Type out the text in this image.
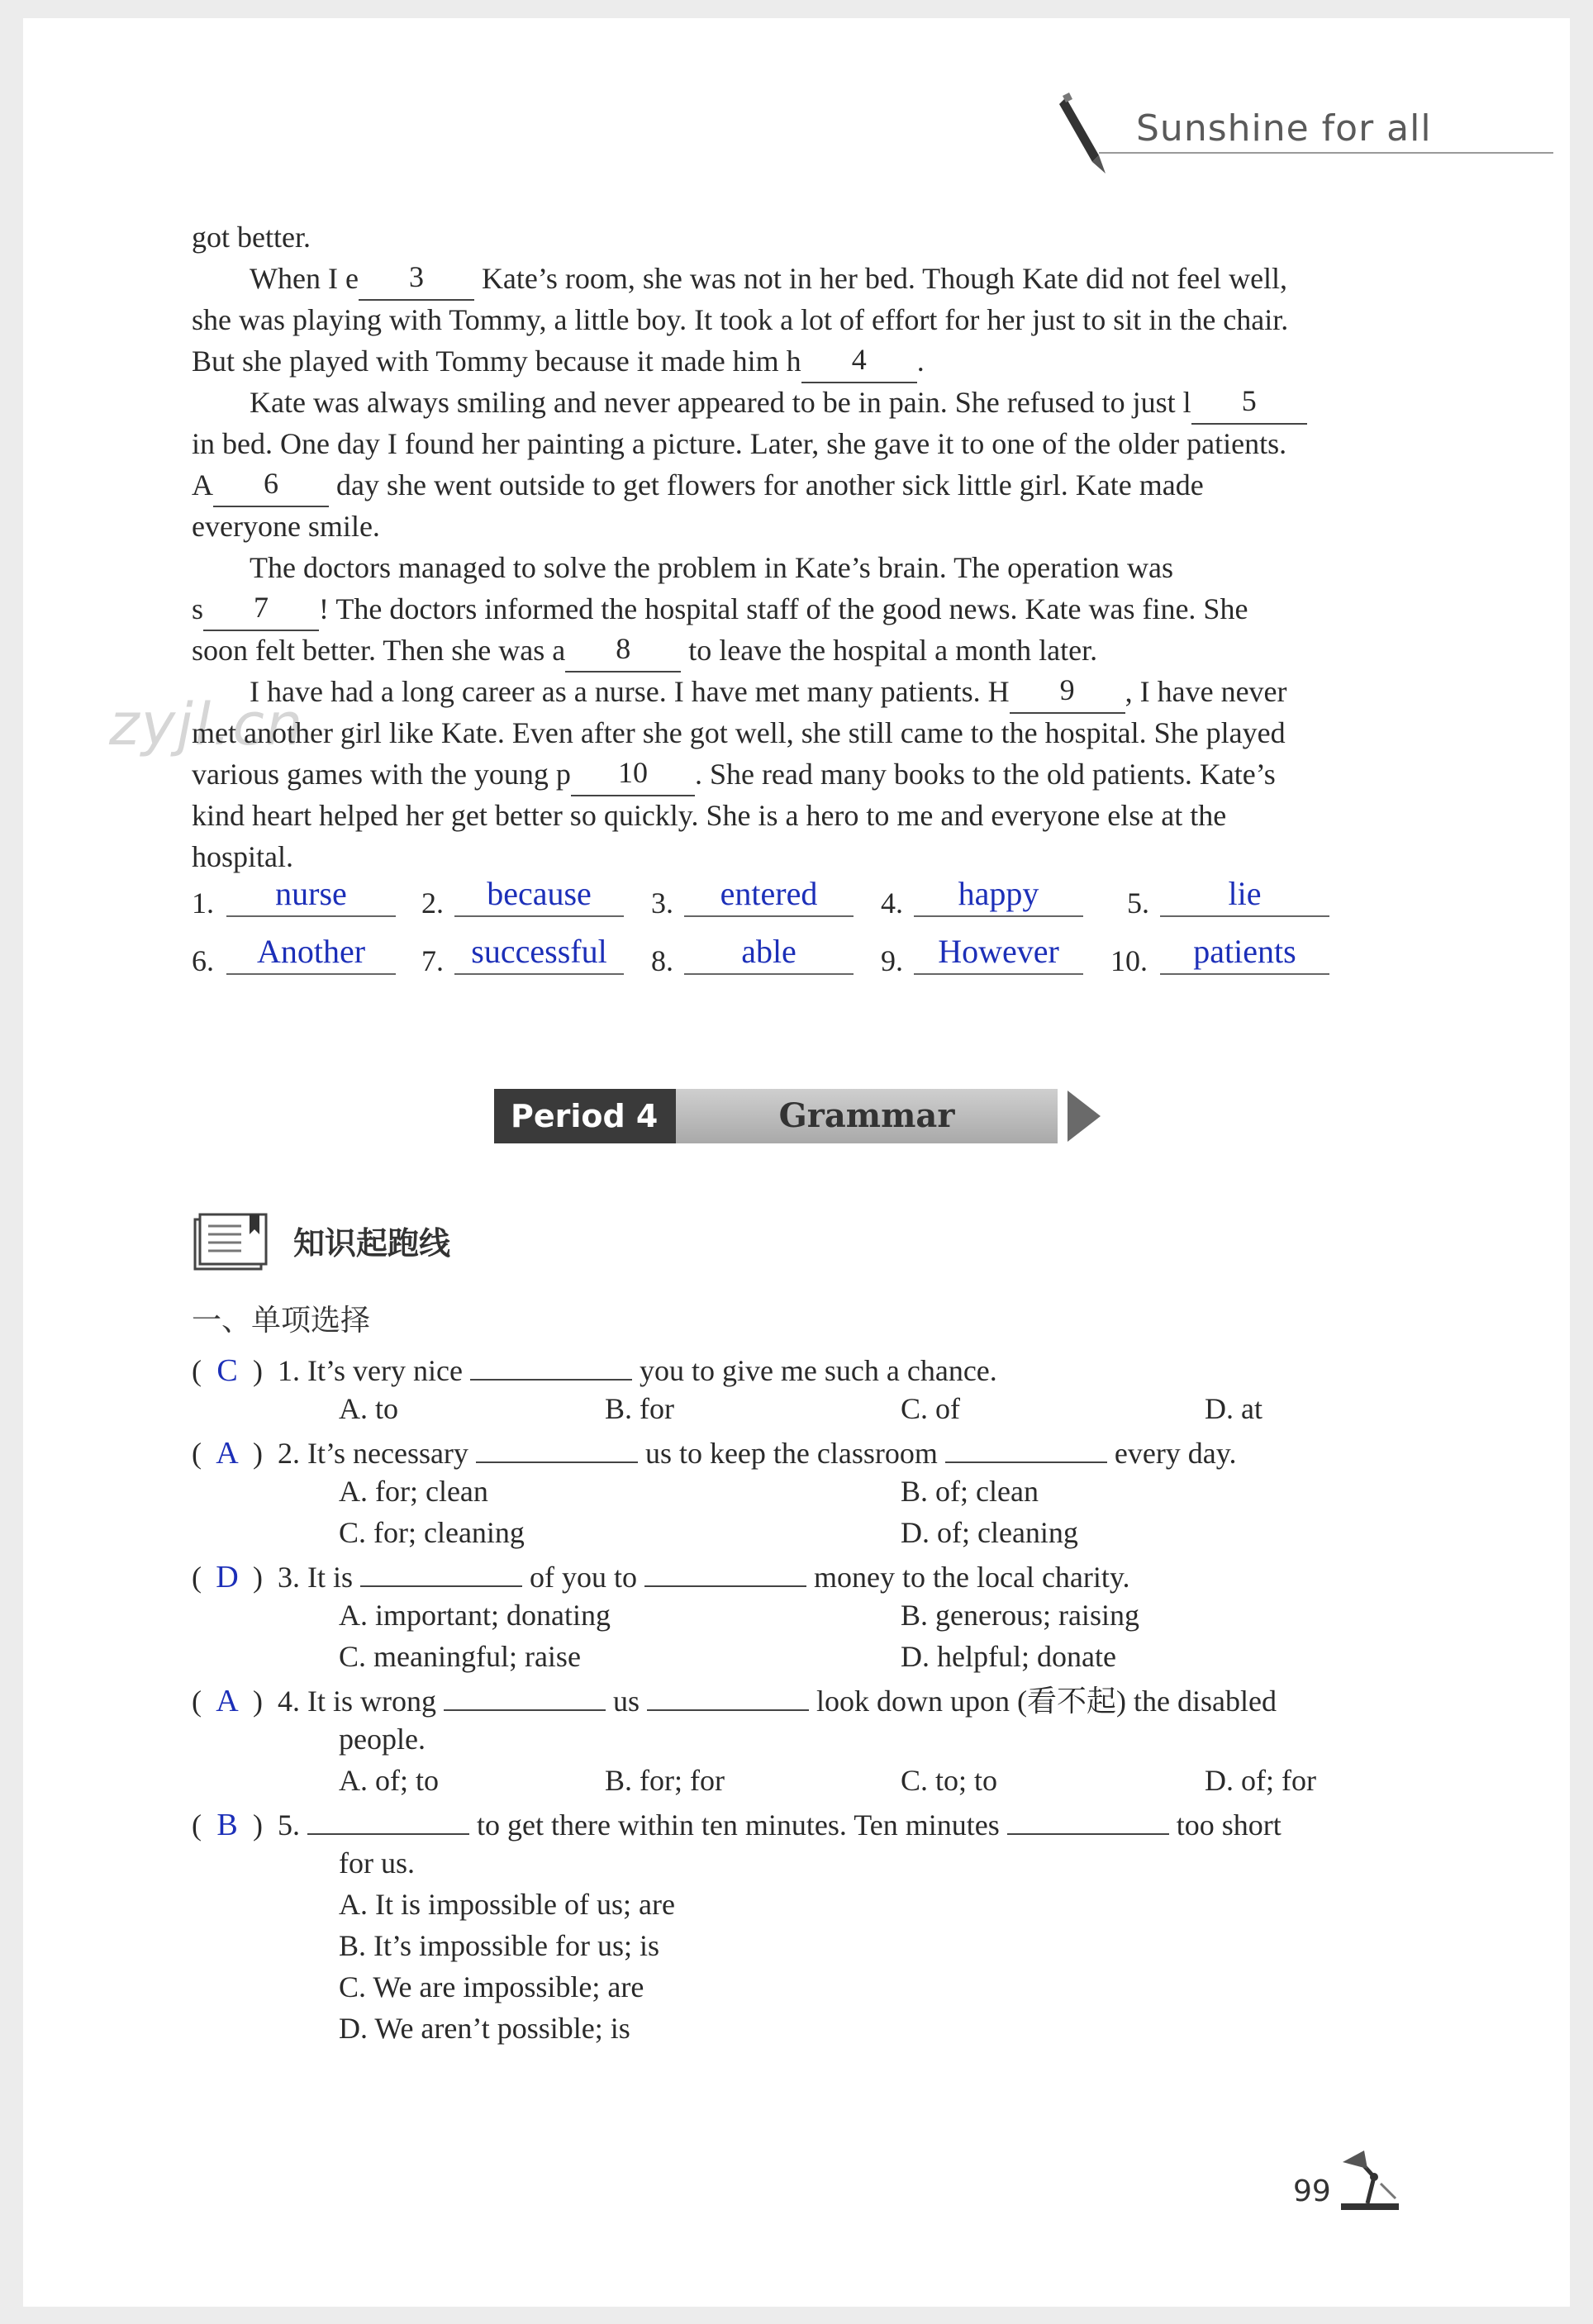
Sunshine for all
zyjl.cn
got better.
When I e 3 Kate’s room, she was not in her bed. Though Kate did not feel well,
she was playing with Tommy, a little boy. It took a lot of effort for her just to sit in the chair.
But she played with Tommy because it made him h 4 .
Kate was always smiling and never appeared to be in pain. She refused to just l 5
in bed. One day I found her painting a picture. Later, she gave it to one of the older patients.
A 6 day she went outside to get flowers for another sick little girl. Kate made
everyone smile.
The doctors managed to solve the problem in Kate’s brain. The operation was
s 7 ! The doctors informed the hospital staff of the good news. Kate was fine. She
soon felt better. Then she was a 8 to leave the hospital a month later.
I have had a long career as a nurse. I have met many patients. H 9 , I have never
met another girl like Kate. Even after she got well, she still came to the hospital. She played
various games with the young p 10 . She read many books to the old patients. Kate’s
kind heart helped her get better so quickly. She is a hero to me and everyone else at the
hospital.
1.	nurse	2.	because	3.	entered	4.	happy	5.	lie
6.	Another	7. successful	8.	able	9.	However	10.	patients
Period 4	Grammar
知识起跑线
一、单项选择
( C )  1. It’s very nice	you to give me such a chance.
A. to	B. for	C. of	D. at
( A )  2. It’s necessary	us to keep the classroom	every day.
A. for; clean	B. of; clean
C. for; cleaning	D. of; cleaning
( D )  3. It is	of you to	money to the local charity.
A. important; donating	B. generous; raising
C. meaningful; raise	D. helpful; donate
( A )  4. It is wrong	us	look down upon (看不起) the disabled
people.
A. of; to	B. for; for	C. to; to	D. of; for
( B )  5.	to get there within ten minutes. Ten minutes	too short
for us.
A. It is impossible of us; are
B. It’s impossible for us; is
C. We are impossible; are
D. We aren’t possible; is
99
